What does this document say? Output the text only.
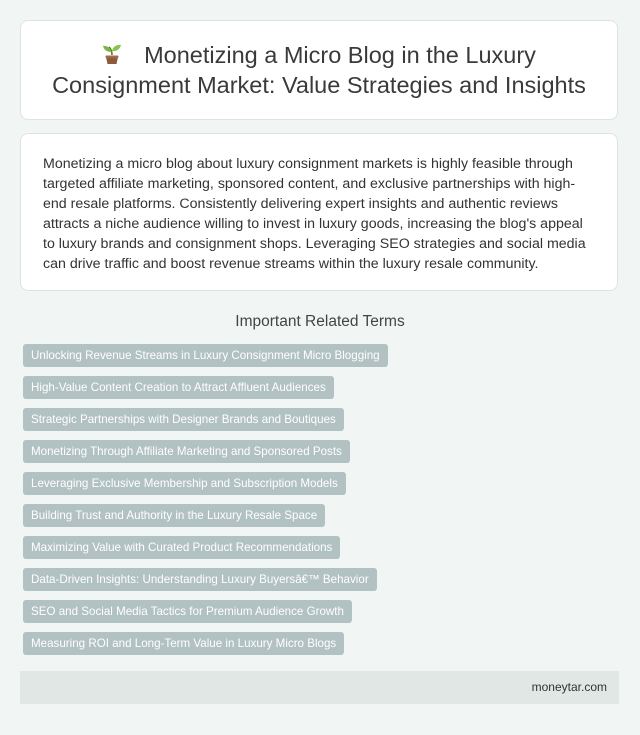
Monetizing a Micro Blog in the Luxury Consignment Market: Value Strategies and Insights

Monetizing a micro blog about luxury consignment markets is highly feasible through targeted affiliate marketing, sponsored content, and exclusive partnerships with high-end resale platforms. Consistently delivering expert insights and authentic reviews attracts a niche audience willing to invest in luxury goods, increasing the blog's appeal to luxury brands and consignment shops. Leveraging SEO strategies and social media can drive traffic and boost revenue streams within the luxury resale community.

Important Related Terms
Unlocking Revenue Streams in Luxury Consignment Micro Blogging
High-Value Content Creation to Attract Affluent Audiences
Strategic Partnerships with Designer Brands and Boutiques
Monetizing Through Affiliate Marketing and Sponsored Posts
Leveraging Exclusive Membership and Subscription Models
Building Trust and Authority in the Luxury Resale Space
Maximizing Value with Curated Product Recommendations
Data-Driven Insights: Understanding Luxury Buyersâ€™ Behavior
SEO and Social Media Tactics for Premium Audience Growth
Measuring ROI and Long-Term Value in Luxury Micro Blogs
moneytar.com
